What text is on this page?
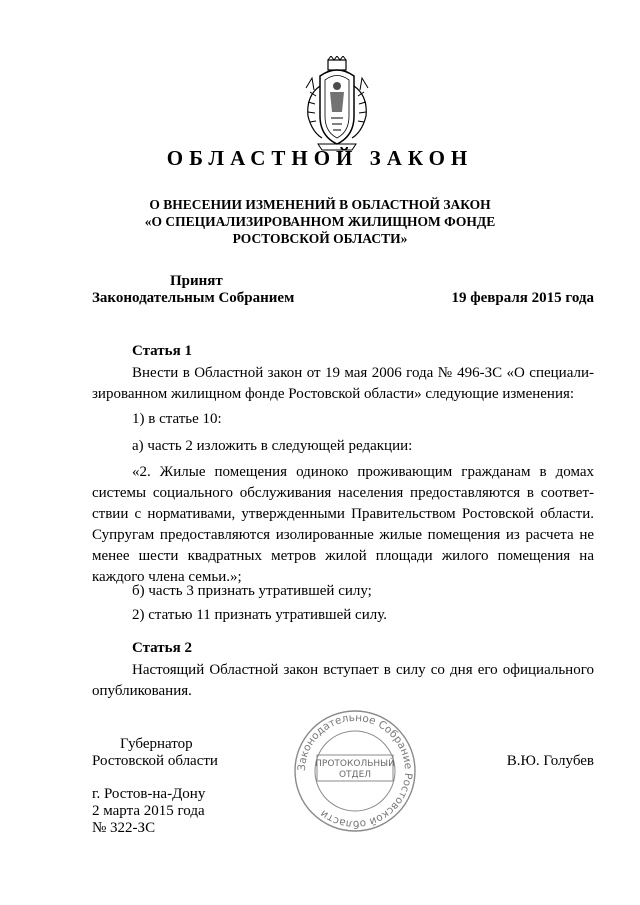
ОБЛАСТНОЙ ЗАКОН
О ВНЕСЕНИИ ИЗМЕНЕНИЙ В ОБЛАСТНОЙ ЗАКОН
«О СПЕЦИАЛИЗИРОВАННОМ ЖИЛИЩНОМ ФОНДЕ
РОСТОВСКОЙ ОБЛАСТИ»
Принят
Законодательным Собранием	19 февраля 2015 года
Статья 1
Внести в Областной закон от 19 мая 2006 года № 496-ЗС «О специали-
зированном жилищном фонде Ростовской области» следующие изменения:
1) в статье 10:
а) часть 2 изложить в следующей редакции:
«2. Жилые помещения одиноко проживающим гражданам в домах
системы социального обслуживания населения предоставляются в соответ-
ствии с нормативами, утвержденными Правительством Ростовской области.
Супругам предоставляются изолированные жилые помещения из расчета не
менее шести квадратных метров жилой площади жилого помещения на
каждого члена семьи.»;
б) часть 3 признать утратившей силу;
2) статью 11 признать утратившей силу.
Статья 2
Настоящий Областной закон вступает в силу со дня его официального
опубликования.
Законодательное Собрание Ростовской области
ПРОТОКОЛЬНЫЙ
ОТДЕЛ
Губернатор
Ростовской области	В.Ю. Голубев
г. Ростов-на-Дону
2 марта 2015 года
№ 322-ЗС
